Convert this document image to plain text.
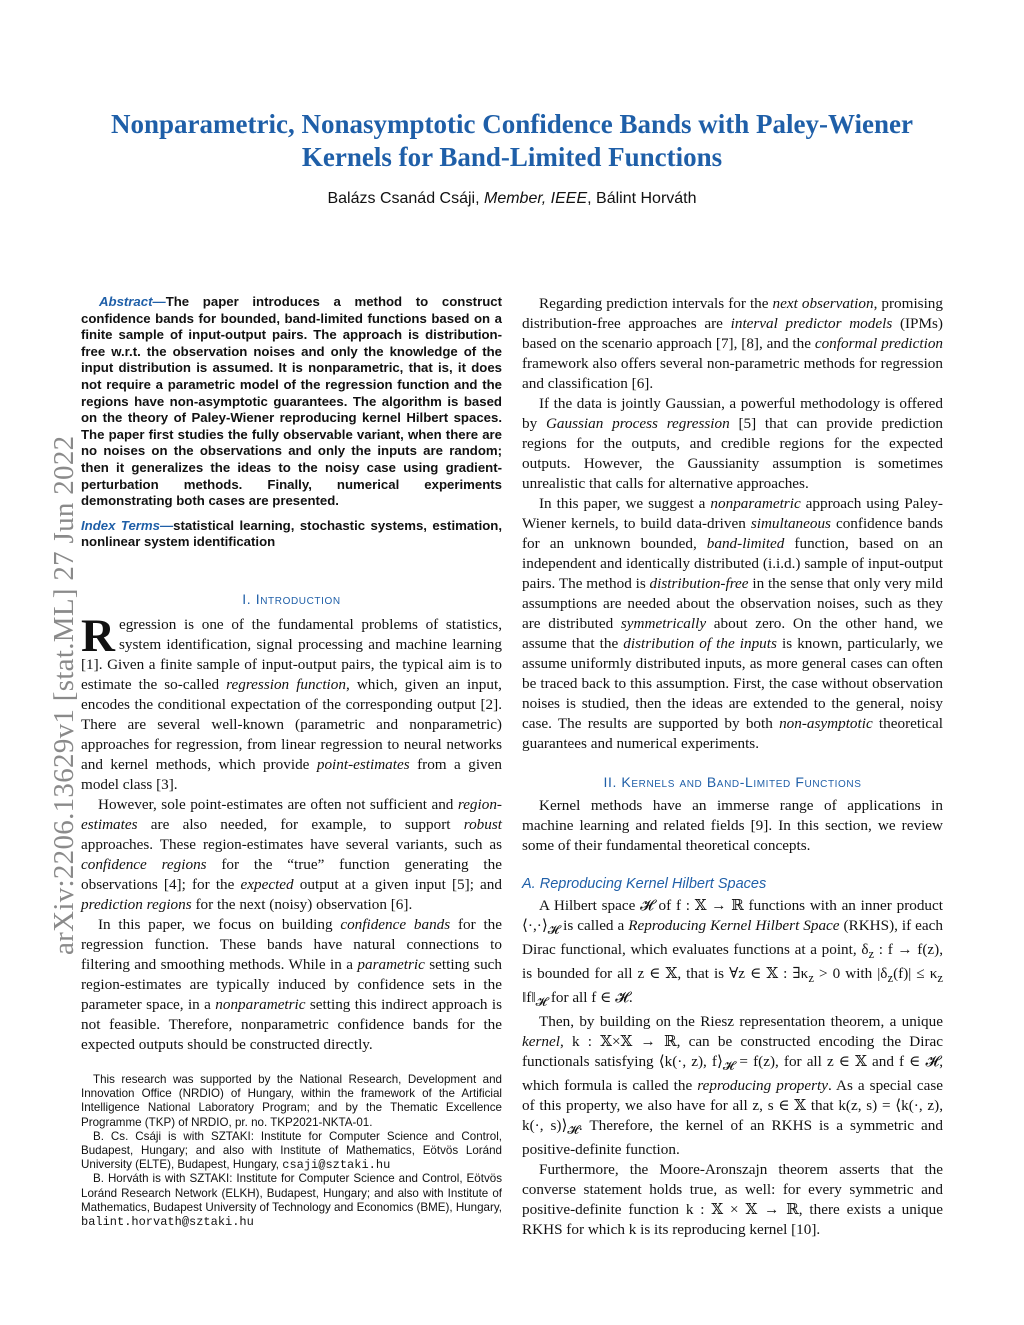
arXiv:2206.13629v1 [stat.ML] 27 Jun 2022
Nonparametric, Nonasymptotic Confidence Bands with Paley-Wiener Kernels for Band-Limited Functions
Balázs Csanád Csáji, Member, IEEE, Bálint Horváth

Abstract—The paper introduces a method to construct confidence bands for bounded, band-limited functions based on a finite sample of input-output pairs. The approach is distribution-free w.r.t. the observation noises and only the knowledge of the input distribution is assumed. It is nonparametric, that is, it does not require a parametric model of the regression function and the regions have non-asymptotic guarantees. The algorithm is based on the theory of Paley-Wiener reproducing kernel Hilbert spaces. The paper first studies the fully observable variant, when there are no noises on the observations and only the inputs are random; then it generalizes the ideas to the noisy case using gradient-perturbation methods. Finally, numerical experiments demonstrating both cases are presented.

Index Terms—statistical learning, stochastic systems, estimation, nonlinear system identification

I. Introduction

Regression is one of the fundamental problems of statistics, system identification, signal processing and machine learning [1]. Given a finite sample of input-output pairs, the typical aim is to estimate the so-called regression function, which, given an input, encodes the conditional expectation of the corresponding output [2]. There are several well-known (parametric and nonparametric) approaches for regression, from linear regression to neural networks and kernel methods, which provide point-estimates from a given model class [3].

However, sole point-estimates are often not sufficient and region-estimates are also needed, for example, to support robust approaches. These region-estimates have several variants, such as confidence regions for the “true” function generating the observations [4]; for the expected output at a given input [5]; and prediction regions for the next (noisy) observation [6].

In this paper, we focus on building confidence bands for the regression function. These bands have natural connections to filtering and smoothing methods. While in a parametric setting such region-estimates are typically induced by confidence sets in the parameter space, in a nonparametric setting this indirect approach is not feasible. Therefore, nonparametric confidence bands for the expected outputs should be constructed directly.

This research was supported by the National Research, Development and Innovation Office (NRDIO) of Hungary, within the framework of the Artificial Intelligence National Laboratory Program; and by the Thematic Excellence Programme (TKP) of NRDIO, pr. no. TKP2021-NKTA-01.

B. Cs. Csáji is with SZTAKI: Institute for Computer Science and Control, Budapest, Hungary; and also with Institute of Mathematics, Eötvös Loránd University (ELTE), Budapest, Hungary, csaji@sztaki.hu

B. Horváth is with SZTAKI: Institute for Computer Science and Control, Eötvös Loránd Research Network (ELKH), Budapest, Hungary; and also with Institute of Mathematics, Budapest University of Technology and Economics (BME), Hungary, balint.horvath@sztaki.hu

Regarding prediction intervals for the next observation, promising distribution-free approaches are interval predictor models (IPMs) based on the scenario approach [7], [8], and the conformal prediction framework also offers several non-parametric methods for regression and classification [6].

If the data is jointly Gaussian, a powerful methodology is offered by Gaussian process regression [5] that can provide prediction regions for the outputs, and credible regions for the expected outputs. However, the Gaussianity assumption is sometimes unrealistic that calls for alternative approaches.

In this paper, we suggest a nonparametric approach using Paley-Wiener kernels, to build data-driven simultaneous confidence bands for an unknown bounded, band-limited function, based on an independent and identically distributed (i.i.d.) sample of input-output pairs. The method is distribution-free in the sense that only very mild assumptions are needed about the observation noises, such as they are distributed symmetrically about zero. On the other hand, we assume that the distribution of the inputs is known, particularly, we assume uniformly distributed inputs, as more general cases can often be traced back to this assumption. First, the case without observation noises is studied, then the ideas are extended to the general, noisy case. The results are supported by both non-asymptotic theoretical guarantees and numerical experiments.

II. Kernels and Band-Limited Functions

Kernel methods have an immerse range of applications in machine learning and related fields [9]. In this section, we review some of their fundamental theoretical concepts.

A. Reproducing Kernel Hilbert Spaces

A Hilbert space 𝓗 of f : 𝕏 → ℝ functions with an inner product $⟨\cdot,\cdot⟩_𝓗$ is called a Reproducing Kernel Hilbert Space (RKHS), if each Dirac functional, which evaluates functions at a point, $\delta_z$ : f → f(z), is bounded for all z ∈ 𝕏, that is ∀z ∈ 𝕏 : $\exists\kappa_z > 0$ with $|\delta_z(f)| \le \kappa_z$ $‖f‖_𝓗$ for all f ∈ 𝓗.

Then, by building on the Riesz representation theorem, a unique kernel, k : 𝕏×𝕏 → ℝ, can be constructed encoding the Dirac functionals satisfying ⟨k(·, z), $f⟩_𝓗 = f(z)$, for all z ∈ 𝕏 and f ∈ 𝓗, which formula is called the reproducing property. As a special case of this property, we also have for all z, s ∈ 𝕏 that k(z, s) = ⟨k(·, z), k(·, $s)⟩_𝓗$. Therefore, the kernel of an RKHS is a symmetric and positive-definite function.

Furthermore, the Moore-Aronszajn theorem asserts that the converse statement holds true, as well: for every symmetric and positive-definite function k : 𝕏 × 𝕏 → ℝ, there exists a unique RKHS for which k is its reproducing kernel [10].
